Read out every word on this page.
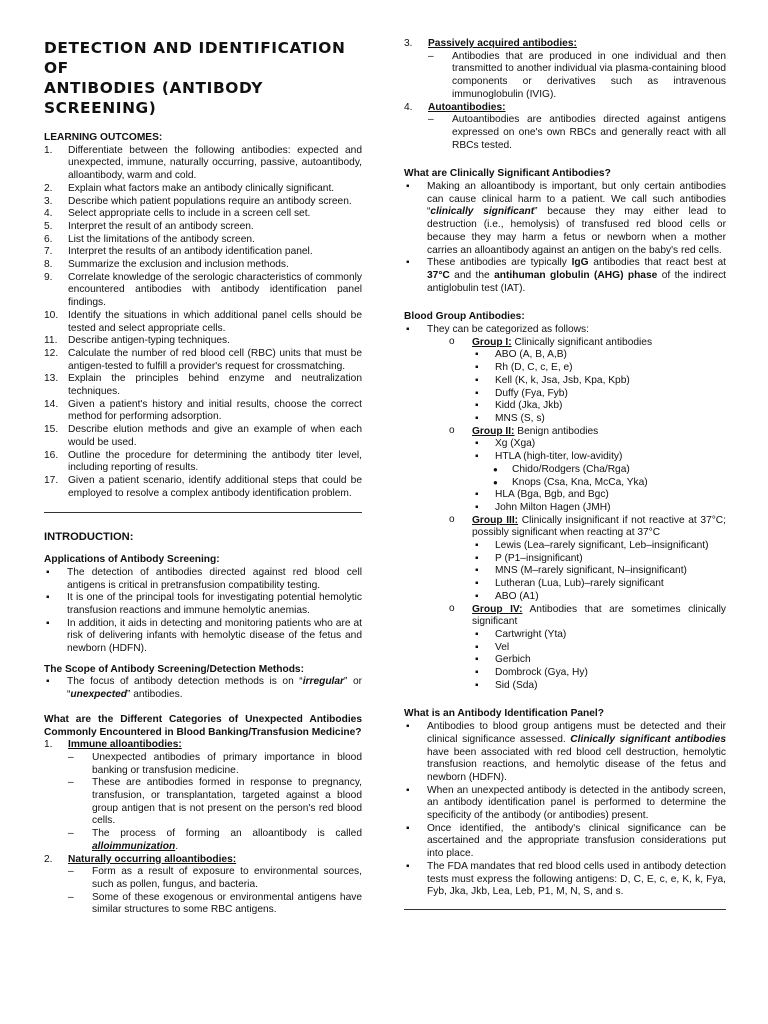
DETECTION AND IDENTIFICATION OF
ANTIBODIES (ANTIBODY SCREENING)
LEARNING OUTCOMES:
1. Differentiate between the following antibodies: expected and unexpected, immune, naturally occurring, passive, autoantibody, alloantibody, warm and cold.
2. Explain what factors make an antibody clinically significant.
3. Describe which patient populations require an antibody screen.
4. Select appropriate cells to include in a screen cell set.
5. Interpret the result of an antibody screen.
6. List the limitations of the antibody screen.
7. Interpret the results of an antibody identification panel.
8. Summarize the exclusion and inclusion methods.
9. Correlate knowledge of the serologic characteristics of commonly encountered antibodies with antibody identification panel findings.
10. Identify the situations in which additional panel cells should be tested and select appropriate cells.
11. Describe antigen-typing techniques.
12. Calculate the number of red blood cell (RBC) units that must be antigen-tested to fulfill a provider's request for crossmatching.
13. Explain the principles behind enzyme and neutralization techniques.
14. Given a patient's history and initial results, choose the correct method for performing adsorption.
15. Describe elution methods and give an example of when each would be used.
16. Outline the procedure for determining the antibody titer level, including reporting of results.
17. Given a patient scenario, identify additional steps that could be employed to resolve a complex antibody identification problem.
INTRODUCTION:
Applications of Antibody Screening:
▪ The detection of antibodies directed against red blood cell antigens is critical in pretransfusion compatibility testing.
▪ It is one of the principal tools for investigating potential hemolytic transfusion reactions and immune hemolytic anemias.
▪ In addition, it aids in detecting and monitoring patients who are at risk of delivering infants with hemolytic disease of the fetus and newborn (HDFN).
The Scope of Antibody Screening/Detection Methods:
▪ The focus of antibody detection methods is on “irregular” or “unexpected” antibodies.
What are the Different Categories of Unexpected Antibodies Commonly Encountered in Blood Banking/Transfusion Medicine?
1. Immune alloantibodies:
– Unexpected antibodies of primary importance in blood banking or transfusion medicine.
– These are antibodies formed in response to pregnancy, transfusion, or transplantation, targeted against a blood group antigen that is not present on the person's red blood cells.
– The process of forming an alloantibody is called alloimmunization.
2. Naturally occurring alloantibodies:
– Form as a result of exposure to environmental sources, such as pollen, fungus, and bacteria.
– Some of these exogenous or environmental antigens have similar structures to some RBC antigens.
3. Passively acquired antibodies:
– Antibodies that are produced in one individual and then transmitted to another individual via plasma-containing blood components or derivatives such as intravenous immunoglobulin (IVIG).
4. Autoantibodies:
– Autoantibodies are antibodies directed against antigens expressed on one's own RBCs and generally react with all RBCs tested.
What are Clinically Significant Antibodies?
▪ Making an alloantibody is important, but only certain antibodies can cause clinical harm to a patient. We call such antibodies “clinically significant” because they may either lead to destruction (i.e., hemolysis) of transfused red blood cells or because they may harm a fetus or newborn when a mother carries an alloantibody against an antigen on the baby's red cells.
▪ These antibodies are typically IgG antibodies that react best at 37°C and the antihuman globulin (AHG) phase of the indirect antiglobulin test (IAT).
Blood Group Antibodies:
▪ They can be categorized as follows:
o Group I: Clinically significant antibodies
▪ ABO (A, B, A,B)
▪ Rh (D, C, c, E, e)
▪ Kell (K, k, Jsa, Jsb, Kpa, Kpb)
▪ Duffy (Fya, Fyb)
▪ Kidd (Jka, Jkb)
▪ MNS (S, s)
o Group II: Benign antibodies
▪ Xg (Xga)
▪ HTLA (high-titer, low-avidity)
● Chido/Rodgers (Cha/Rga)
● Knops (Csa, Kna, McCa, Yka)
▪ HLA (Bga, Bgb, and Bgc)
▪ John Milton Hagen (JMH)
o Group III: Clinically insignificant if not reactive at 37°C; possibly significant when reacting at 37°C
▪ Lewis (Lea–rarely significant, Leb–insignificant)
▪ P (P1–insignificant)
▪ MNS (M–rarely significant, N–insignificant)
▪ Lutheran (Lua, Lub)–rarely significant
▪ ABO (A1)
o Group IV: Antibodies that are sometimes clinically significant
▪ Cartwright (Yta)
▪ Vel
▪ Gerbich
▪ Dombrock (Gya, Hy)
▪ Sid (Sda)
What is an Antibody Identification Panel?
▪ Antibodies to blood group antigens must be detected and their clinical significance assessed. Clinically significant antibodies have been associated with red blood cell destruction, hemolytic transfusion reactions, and hemolytic disease of the fetus and newborn (HDFN).
▪ When an unexpected antibody is detected in the antibody screen, an antibody identification panel is performed to determine the specificity of the antibody (or antibodies) present.
▪ Once identified, the antibody's clinical significance can be ascertained and the appropriate transfusion considerations put into place.
▪ The FDA mandates that red blood cells used in antibody detection tests must express the following antigens: D, C, E, c, e, K, k, Fya, Fyb, Jka, Jkb, Lea, Leb, P1, M, N, S, and s.
